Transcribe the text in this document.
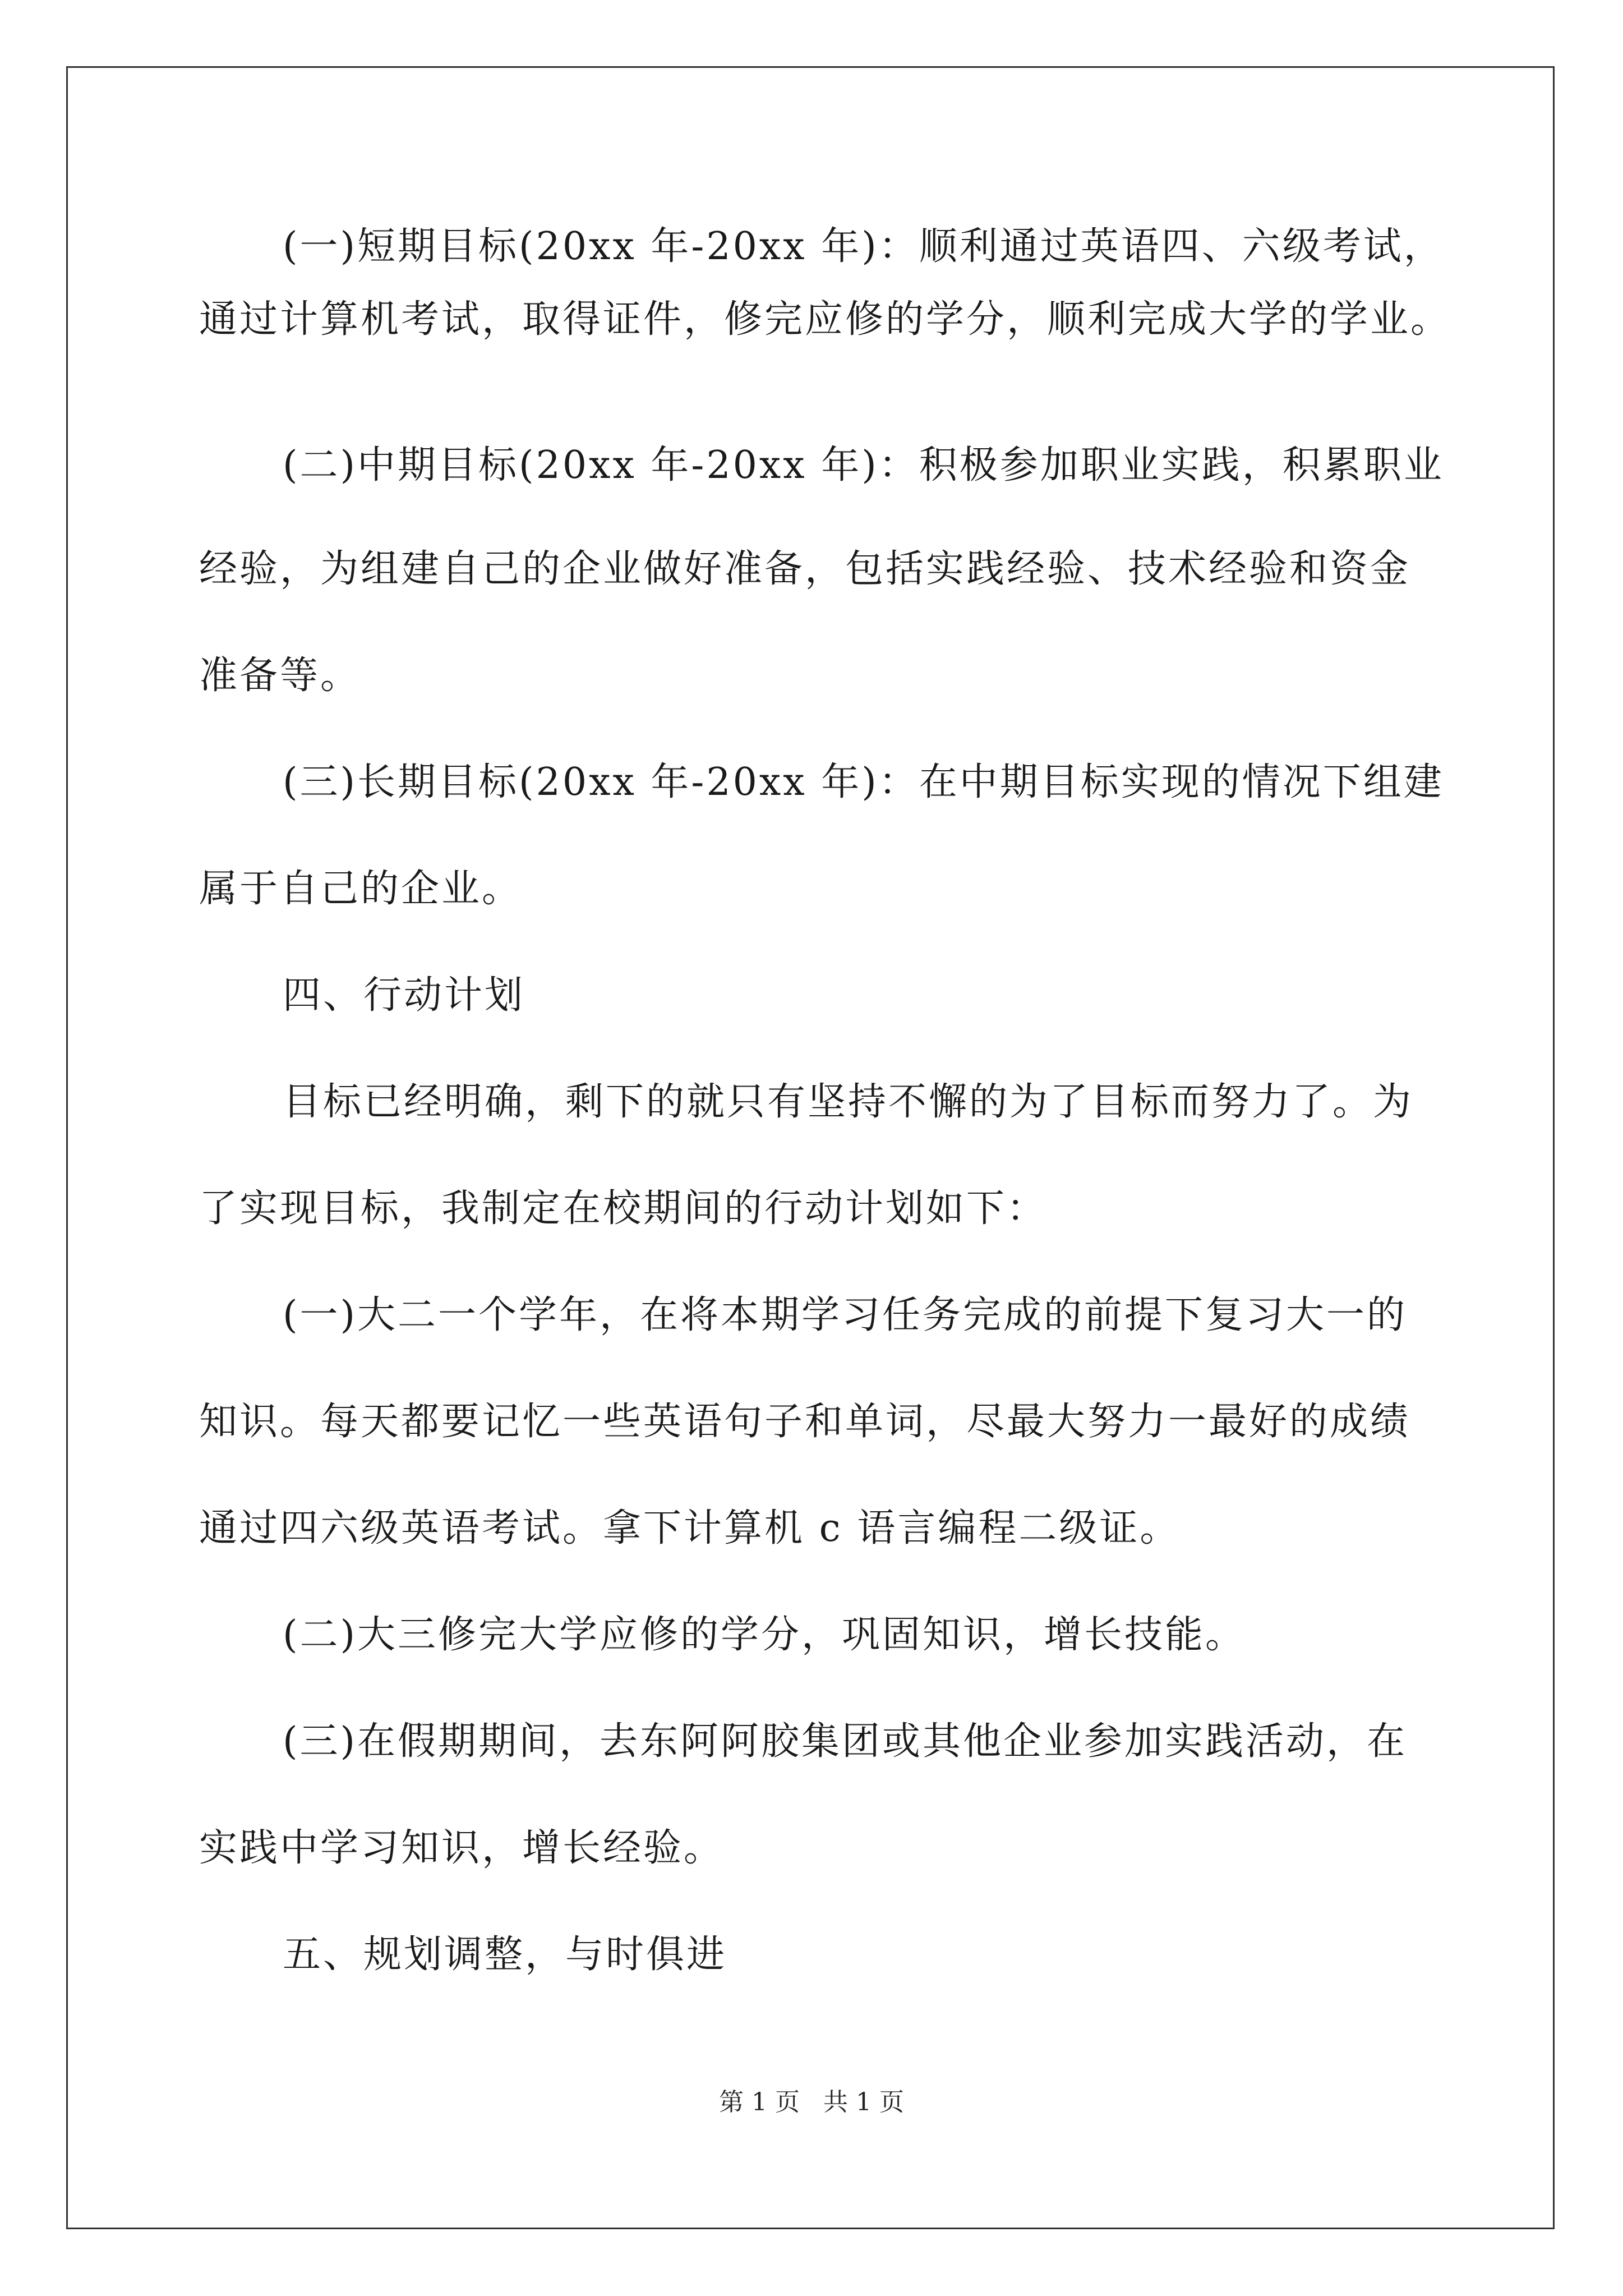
(一)短期目标(20xx 年-20xx 年)：顺利通过英语四、六级考试，
通过计算机考试，取得证件，修完应修的学分，顺利完成大学的学业。
(二)中期目标(20xx 年-20xx 年)：积极参加职业实践，积累职业
经验，为组建自己的企业做好准备，包括实践经验、技术经验和资金
准备等。
(三)长期目标(20xx 年-20xx 年)：在中期目标实现的情况下组建
属于自己的企业。
四、行动计划
目标已经明确，剩下的就只有坚持不懈的为了目标而努力了。为
了实现目标，我制定在校期间的行动计划如下：
(一)大二一个学年，在将本期学习任务完成的前提下复习大一的
知识。每天都要记忆一些英语句子和单词，尽最大努力一最好的成绩
通过四六级英语考试。拿下计算机 c 语言编程二级证。
(二)大三修完大学应修的学分，巩固知识，增长技能。
(三)在假期期间，去东阿阿胶集团或其他企业参加实践活动，在
实践中学习知识，增长经验。
五、规划调整，与时俱进
第 1 页 共 1 页
